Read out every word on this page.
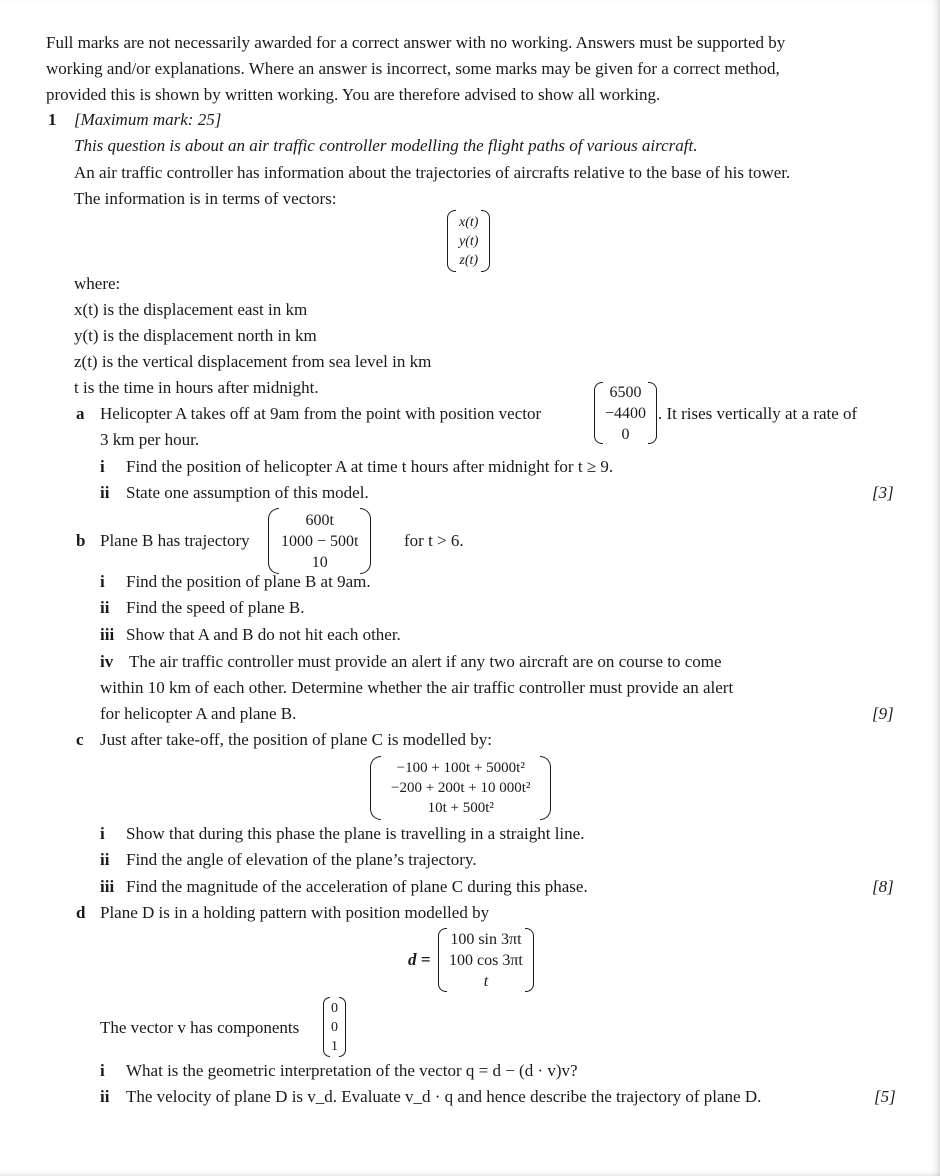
Full marks are not necessarily awarded for a correct answer with no working. Answers must be supported by
working and/or explanations. Where an answer is incorrect, some marks may be given for a correct method,
provided this is shown by written working. You are therefore advised to show all working.
1 [Maximum mark: 25]
This question is about an air traffic controller modelling the flight paths of various aircraft.
An air traffic controller has information about the trajectories of aircrafts relative to the base of his tower.
The information is in terms of vectors:
x(t)
y(t)
z(t)
where:
x(t) is the displacement east in km
y(t) is the displacement north in km
z(t) is the vertical displacement from sea level in km
t is the time in hours after midnight.
a Helicopter A takes off at 9am from the point with position vector
6500
−4400
0
. It rises vertically at a rate of
3 km per hour.
i Find the position of helicopter A at time t hours after midnight for t ≥ 9.
ii State one assumption of this model.	[3]
b Plane B has trajectory
600t
1000 − 500t
10
for t > 6.
i Find the position of plane B at 9am.
ii Find the speed of plane B.
iii Show that A and B do not hit each other.
iv The air traffic controller must provide an alert if any two aircraft are on course to come
within 10 km of each other. Determine whether the air traffic controller must provide an alert
for helicopter A and plane B.	[9]
c Just after take-off, the position of plane C is modelled by:
−100 + 100t + 5000t²
−200 + 200t + 10 000t²
10t + 500t²
i Show that during this phase the plane is travelling in a straight line.
ii Find the angle of elevation of the plane’s trajectory.
iii Find the magnitude of the acceleration of plane C during this phase.	[8]
d Plane D is in a holding pattern with position modelled by
d =
100 sin 3πt
100 cos 3πt
t
The vector v has components
0
0
1
i What is the geometric interpretation of the vector q = d − (d · v)v?
ii The velocity of plane D is v_d. Evaluate v_d · q and hence describe the trajectory of plane D.	[5]
